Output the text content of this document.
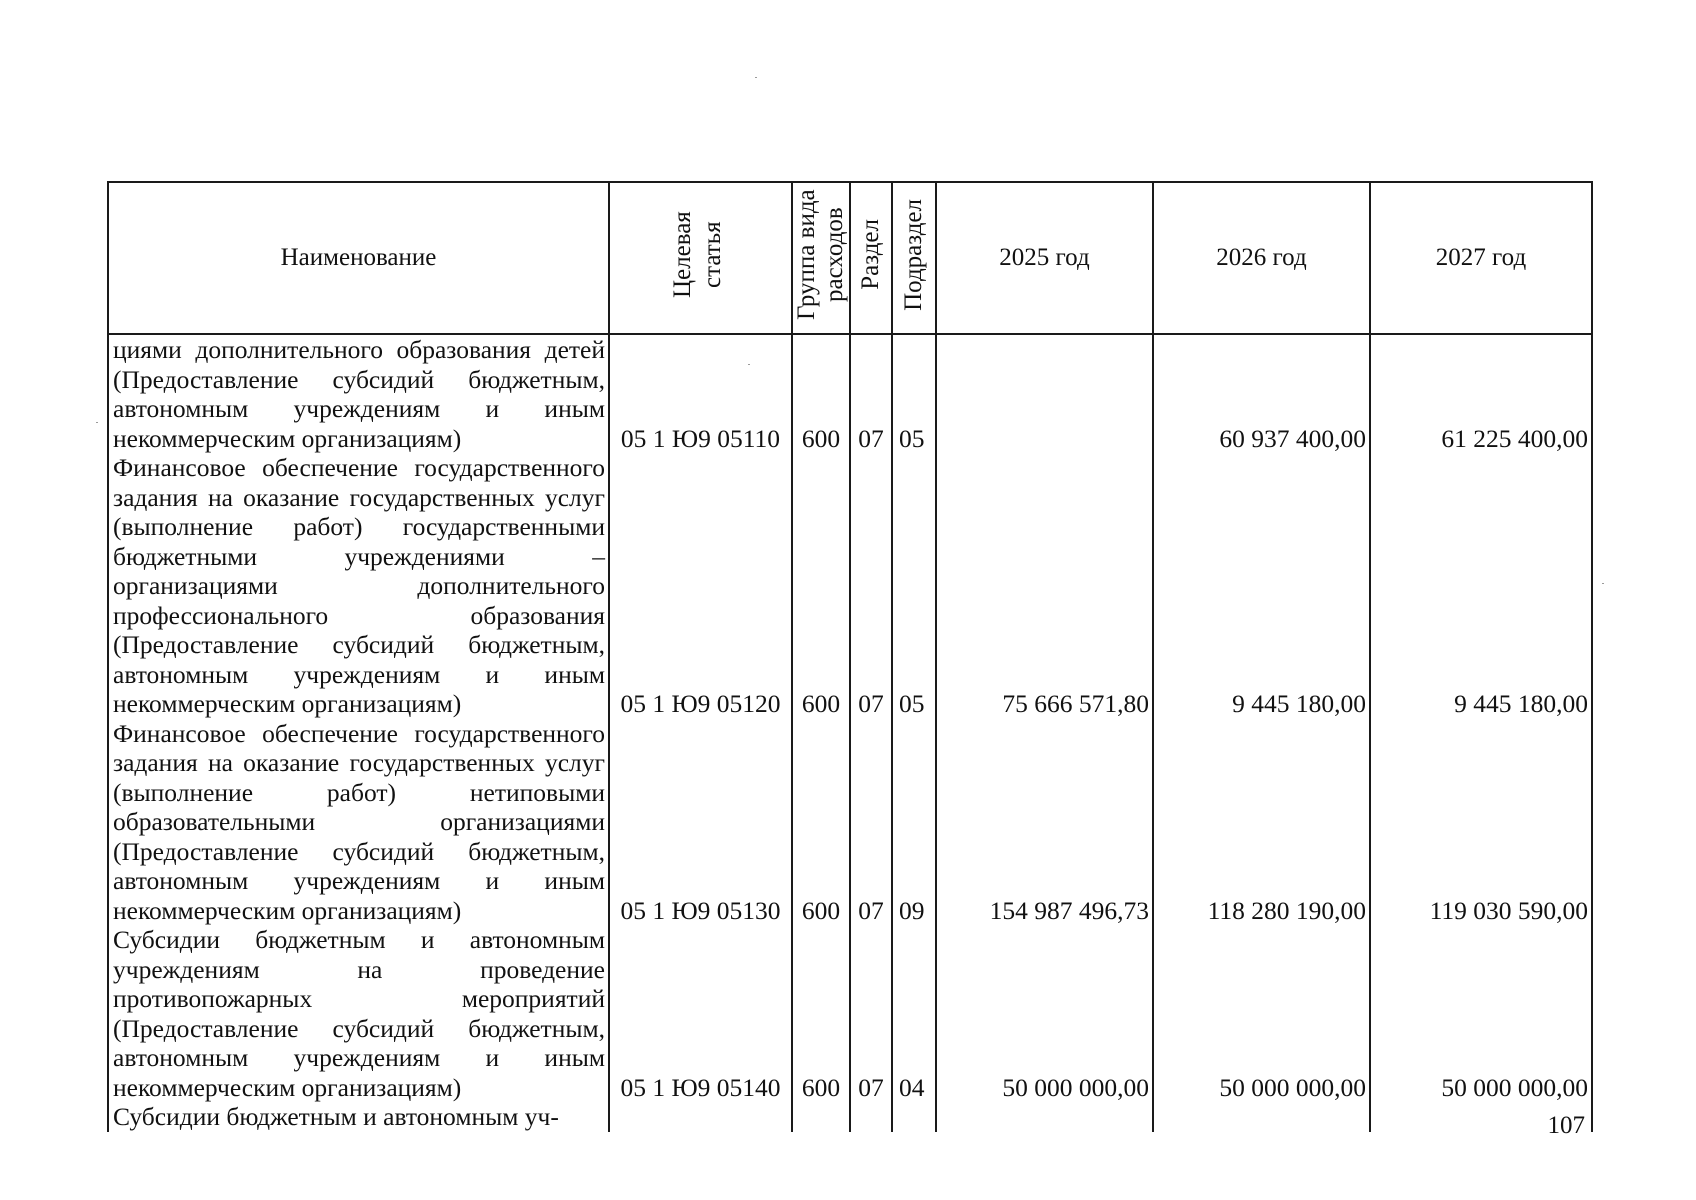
Наименование	Целевая статья	Группа вида расходов	Раздел	Подраздел	2025 год	2026 год	2027 год
циями дополнительного образования детей (Предоставление субсидий бюджетным, автономным учреждениям и иным некоммерческим организациям)	05 1 Ю9 05110	600	07	05		60 937 400,00	61 225 400,00
Финансовое обеспечение государственного задания на оказание государственных услуг (выполнение работ) государственными бюджетными учреждениями – организациями дополнительного профессионального образования (Предоставление субсидий бюджетным, автономным учреждениям и иным некоммерческим организациям)	05 1 Ю9 05120	600	07	05	75 666 571,80	9 445 180,00	9 445 180,00
Финансовое обеспечение государственного задания на оказание государственных услуг (выполнение работ) нетиповыми образовательными организациями (Предоставление субсидий бюджетным, автономным учреждениям и иным некоммерческим организациям)	05 1 Ю9 05130	600	07	09	154 987 496,73	118 280 190,00	119 030 590,00
Субсидии бюджетным и автономным учреждениям на проведение противопожарных мероприятий (Предоставление субсидий бюджетным, автономным учреждениям и иным некоммерческим организациям)	05 1 Ю9 05140	600	07	04	50 000 000,00	50 000 000,00	50 000 000,00
Субсидии бюджетным и автономным уч-								107
